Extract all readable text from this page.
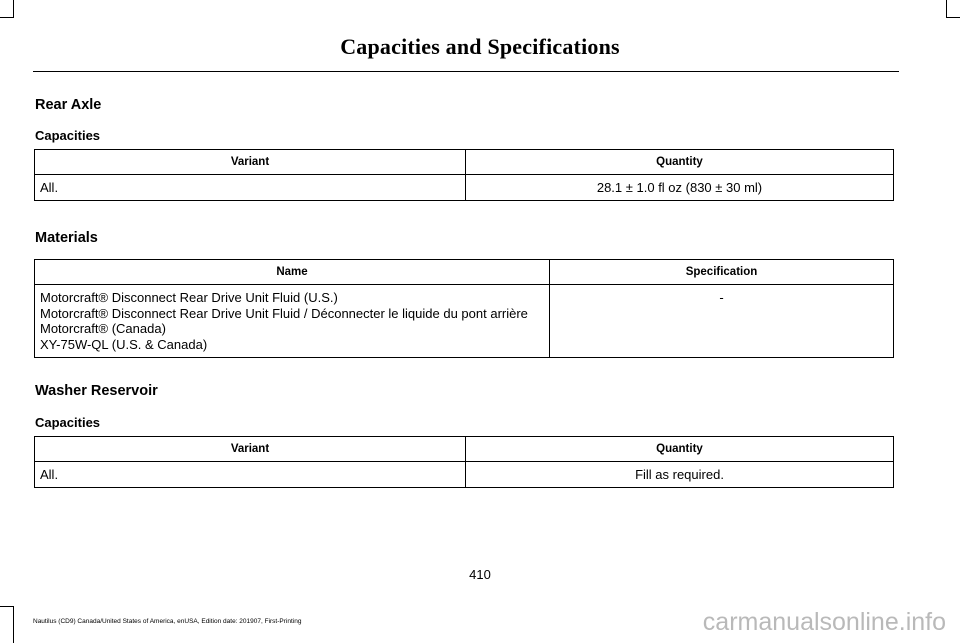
Capacities and Specifications
Rear Axle
Capacities
Variant	Quantity
All.	28.1 ± 1.0 fl oz (830 ± 30 ml)
Materials
Name	Specification

Motorcraft® Disconnect Rear Drive Unit Fluid (U.S.)
Motorcraft® Disconnect Rear Drive Unit Fluid / Déconnecter le liquide du pont arrière
Motorcraft® (Canada)
XY-75W-QL (U.S. & Canada)	-
Washer Reservoir
Capacities
Variant	Quantity
All.	Fill as required.
410
Nautilus (CD9) Canada/United States of America, enUSA, Edition date: 201907, First-Printing	carmanualsonline.info
